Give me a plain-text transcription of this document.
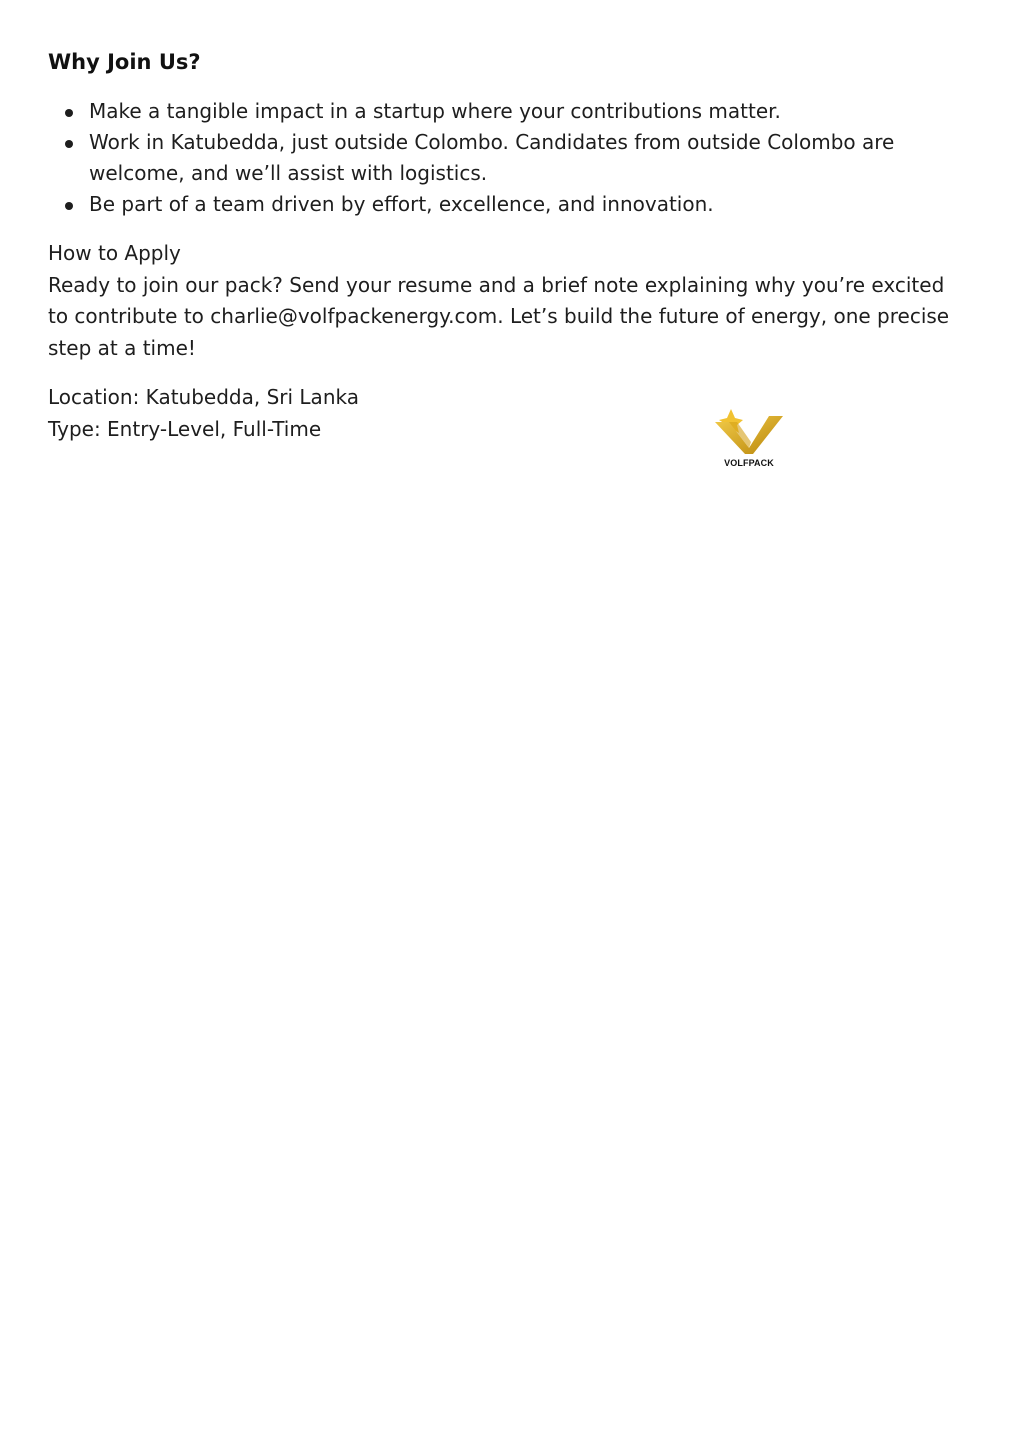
Why Join Us?
Make a tangible impact in a startup where your contributions matter.
Work in Katubedda, just outside Colombo. Candidates from outside Colombo are welcome, and we’ll assist with logistics.
Be part of a team driven by effort, excellence, and innovation.
How to Apply
Ready to join our pack? Send your resume and a brief note explaining why you’re excited to contribute to charlie@volfpackenergy.com. Let’s build the future of energy, one precise step at a time!
Location: Katubedda, Sri Lanka
Type: Entry-Level, Full-Time
VOLFPACK
